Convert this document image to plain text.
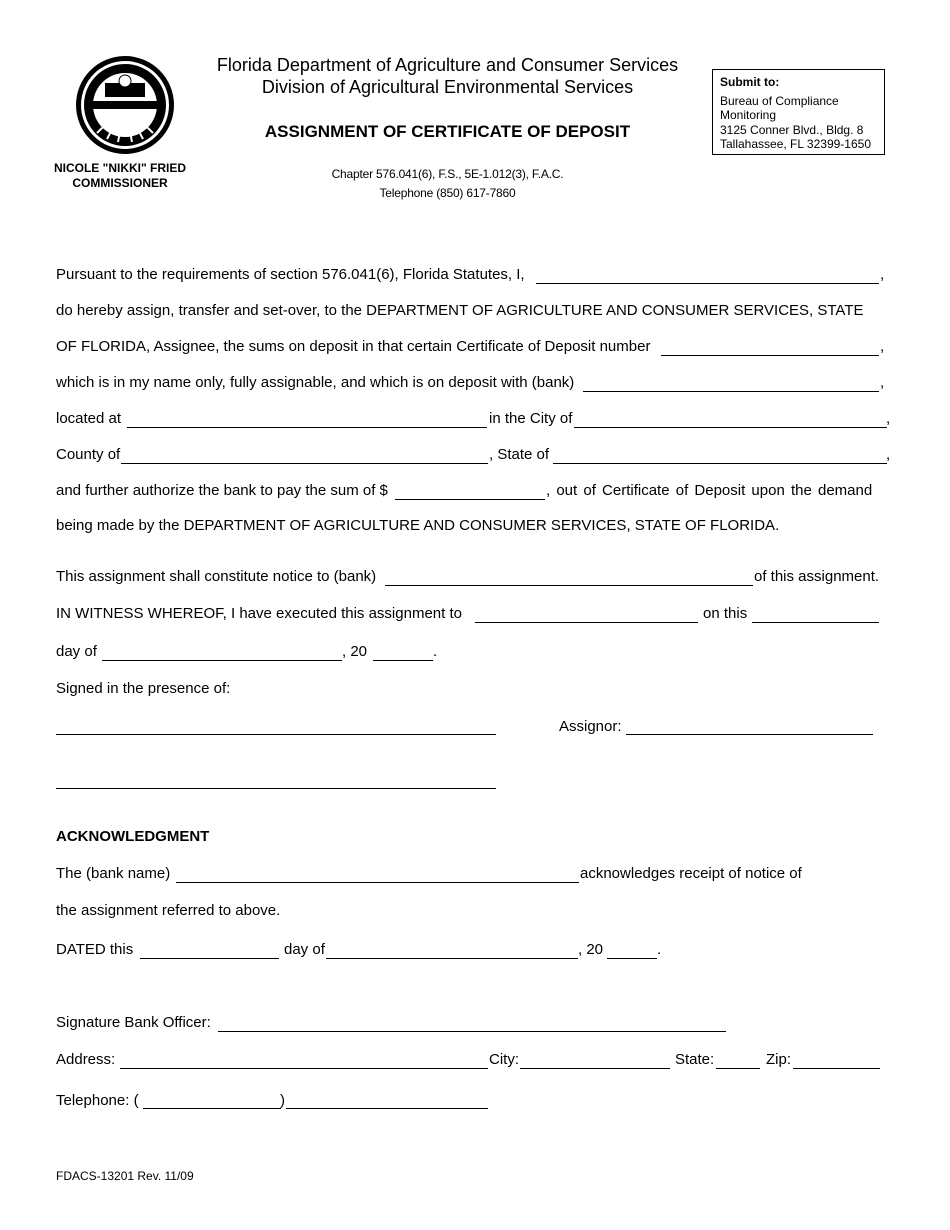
NICOLE "NIKKI" FRIED
COMMISSIONER
Florida Department of Agriculture and Consumer Services
Division of Agricultural Environmental Services
ASSIGNMENT OF CERTIFICATE OF DEPOSIT
Chapter 576.041(6), F.S., 5E-1.012(3), F.A.C.
Telephone (850) 617-7860
Submit to:
Bureau of Compliance
Monitoring
3125 Conner Blvd., Bldg. 8
Tallahassee, FL 32399-1650
Pursuant to the requirements of section 576.041(6), Florida Statutes, I,	,
do hereby assign, transfer and set-over, to the DEPARTMENT OF AGRICULTURE AND CONSUMER SERVICES, STATE
OF FLORIDA, Assignee, the sums on deposit in that certain Certificate of Deposit number	,
which is in my name only, fully assignable, and which is on deposit with (bank)	,
located at	in the City of	,
County of	, State of	,
and further authorize the bank to pay the sum of $	, out of Certificate of Deposit upon the demand
being made by the DEPARTMENT OF AGRICULTURE AND CONSUMER SERVICES, STATE OF FLORIDA.
This assignment shall constitute notice to (bank)	of this assignment.
IN WITNESS WHEREOF, I have executed this assignment to	on this
day of	, 20	.
Signed in the presence of:
Assignor:
ACKNOWLEDGMENT
The (bank name)	acknowledges receipt of notice of
the assignment referred to above.
DATED this	day of	, 20	.
Signature Bank Officer:
Address:	City:	State:	Zip:
Telephone: (	)
FDACS-13201 Rev. 11/09
